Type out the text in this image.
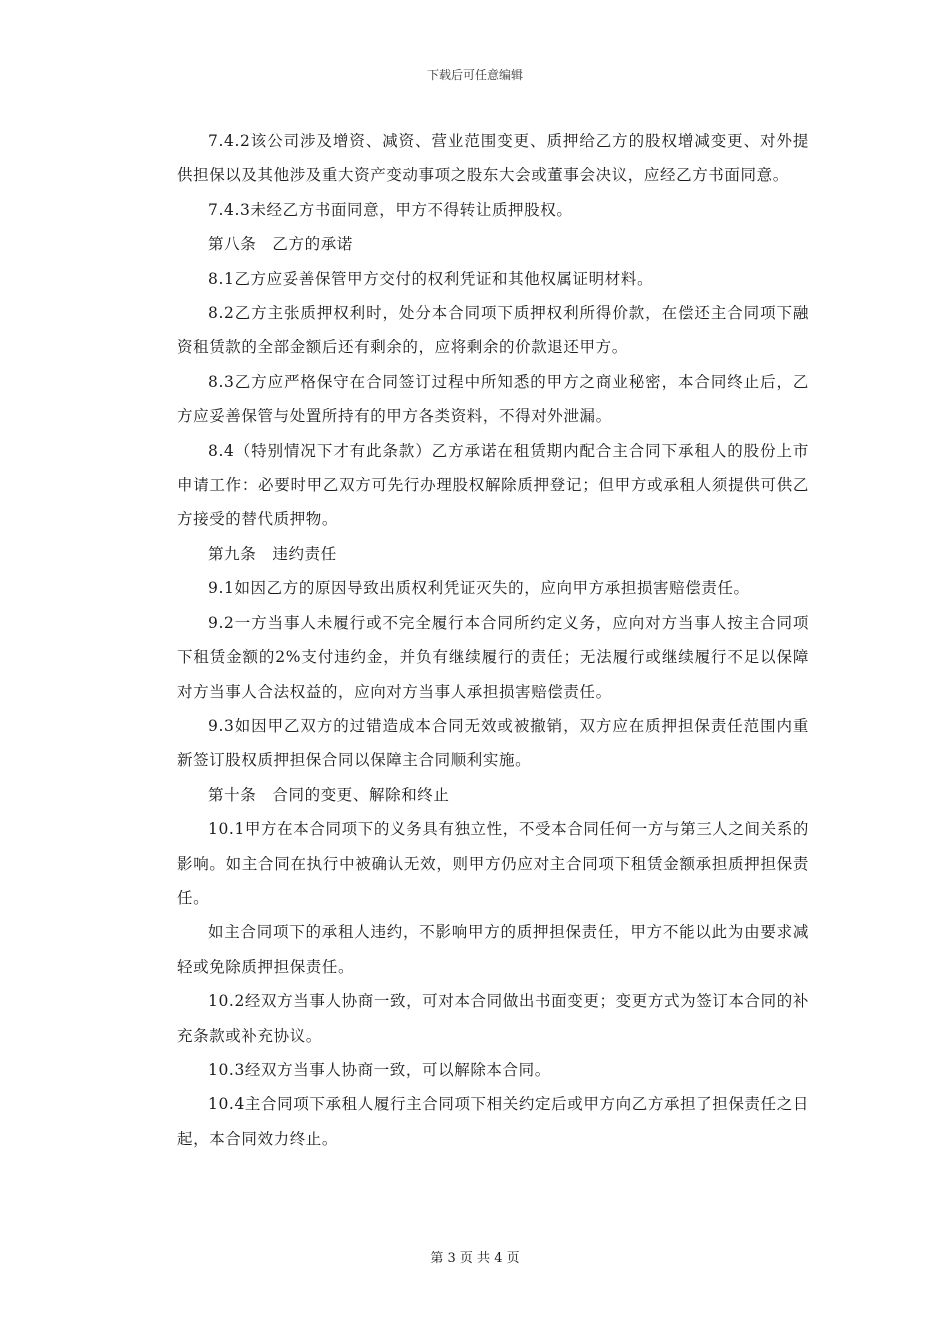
下载后可任意编辑

7.4.2该公司涉及增资、减资、营业范围变更、质押给乙方的股权增减变更、对外提供担保以及其他涉及重大资产变动事项之股东大会或董事会决议，应经乙方书面同意。

7.4.3未经乙方书面同意，甲方不得转让质押股权。

第八条　乙方的承诺

8.1乙方应妥善保管甲方交付的权利凭证和其他权属证明材料。

8.2乙方主张质押权利时，处分本合同项下质押权利所得价款，在偿还主合同项下融资租赁款的全部金额后还有剩余的，应将剩余的价款退还甲方。

8.3乙方应严格保守在合同签订过程中所知悉的甲方之商业秘密，本合同终止后，乙方应妥善保管与处置所持有的甲方各类资料，不得对外泄漏。

8.4（特别情况下才有此条款）乙方承诺在租赁期内配合主合同下承租人的股份上市申请工作：必要时甲乙双方可先行办理股权解除质押登记；但甲方或承租人须提供可供乙方接受的替代质押物。

第九条　违约责任

9.1如因乙方的原因导致出质权利凭证灭失的，应向甲方承担损害赔偿责任。

9.2一方当事人未履行或不完全履行本合同所约定义务，应向对方当事人按主合同项下租赁金额的2%支付违约金，并负有继续履行的责任；无法履行或继续履行不足以保障对方当事人合法权益的，应向对方当事人承担损害赔偿责任。

9.3如因甲乙双方的过错造成本合同无效或被撤销，双方应在质押担保责任范围内重新签订股权质押担保合同以保障主合同顺利实施。

第十条　合同的变更、解除和终止

10.1甲方在本合同项下的义务具有独立性，不受本合同任何一方与第三人之间关系的影响。如主合同在执行中被确认无效，则甲方仍应对主合同项下租赁金额承担质押担保责任。

如主合同项下的承租人违约，不影响甲方的质押担保责任，甲方不能以此为由要求减轻或免除质押担保责任。

10.2经双方当事人协商一致，可对本合同做出书面变更；变更方式为签订本合同的补充条款或补充协议。

10.3经双方当事人协商一致，可以解除本合同。

10.4主合同项下承租人履行主合同项下相关约定后或甲方向乙方承担了担保责任之日起，本合同效力终止。

第 3 页 共 4 页
